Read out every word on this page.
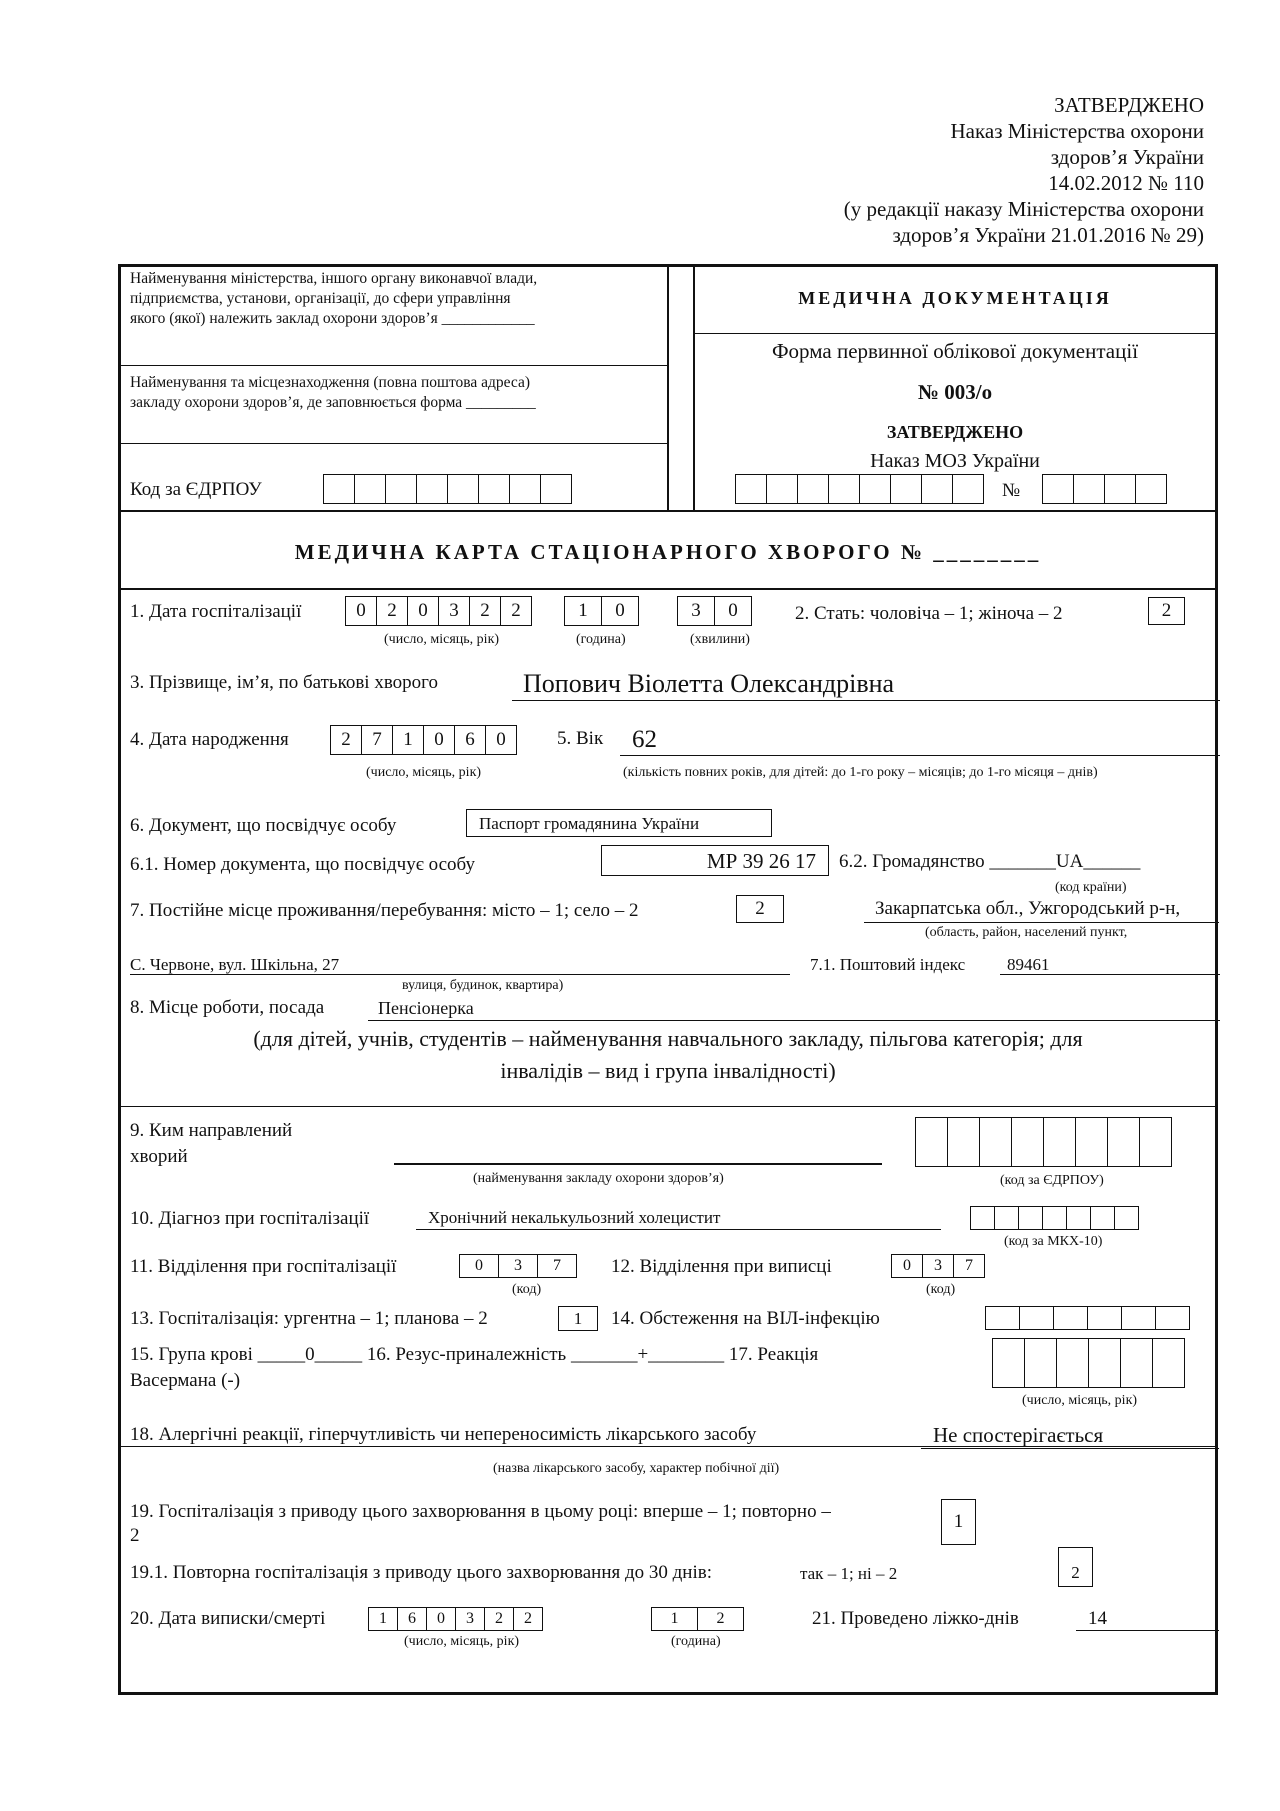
ЗАТВЕРДЖЕНО
Наказ Міністерства охорони
здоров’я України
14.02.2012 № 110
(у редакції наказу Міністерства охорони
здоров’я України 21.01.2016 № 29)
Найменування міністерства, іншого органу виконавчої влади,
підприємства, установи, організації, до сфери управління
якого (якої) належить заклад охорони здоров’я ____________
Найменування та місцезнаходження (повна поштова адреса)
закладу охорони здоров’я, де заповнюється форма _________
Код за ЄДРПОУ
МЕДИЧНА ДОКУМЕНТАЦІЯ
Форма первинної облікової документації
№ 003/о
ЗАТВЕРДЖЕНО
Наказ МОЗ України
№
МЕДИЧНА КАРТА СТАЦІОНАРНОГО ХВОРОГО № ________
1. Дата госпіталізації	0	2	0	3	2	2	1	0	3	0
(число, місяць, рік)	(година)	(хвилини)
2. Стать: чоловіча – 1; жіноча – 2	2
3. Прізвище, ім’я, по батькові хворого	Попович Віолетта Олександрівна
4. Дата народження	2	7	1	0	6	0
(число, місяць, рік)
5. Вік 62
(кількість повних років, для дітей: до 1-го року – місяців; до 1-го місяця – днів)
6. Документ, що посвідчує особу	Паспорт громадянина України
6.1. Номер документа, що посвідчує особу	МР 39 26 17	6.2. Громадянство _______UA______
(код країни)
7. Постійне місце проживання/перебування: місто – 1; село – 2	2	Закарпатська обл., Ужгородський р-н,
(область, район, населений пункт,
С. Червоне, вул. Шкільна, 27
вулиця, будинок, квартира)
7.1. Поштовий індекс 89461
8. Місце роботи, посада	Пенсіонерка
(для дітей, учнів, студентів – найменування навчального закладу, пільгова категорія; для
інвалідів – вид і група інвалідності)
9. Ким направлений
хворий
(найменування закладу охорони здоров’я)	(код за ЄДРПОУ)
10. Діагноз при госпіталізації	Хронічний некалькульозний холецистит
(код за МКХ-10)
11. Відділення при госпіталізації	0	3	7
(код)
12. Відділення при виписці	0	3	7
(код)
13. Госпіталізація: ургентна – 1; планова – 2	1	14. Обстеження на ВІЛ-інфекцію
15. Група крові _____0_____ 16. Резус-приналежність _______+________ 17. Реакція
Васермана (-)
(число, місяць, рік)
18. Алергічні реакції, гіперчутливість чи непереносимість лікарського засобу	Не спостерігається
(назва лікарського засобу, характер побічної дії)
19. Госпіталізація з приводу цього захворювання в цьому році: вперше – 1; повторно –
2
1
19.1. Повторна госпіталізація з приводу цього захворювання до 30 днів:	так – 1; ні – 2	2
20. Дата виписки/смерті	1	6	0	3	2	2
(число, місяць, рік)
1	2
(година)
21. Проведено ліжко-днів	14
